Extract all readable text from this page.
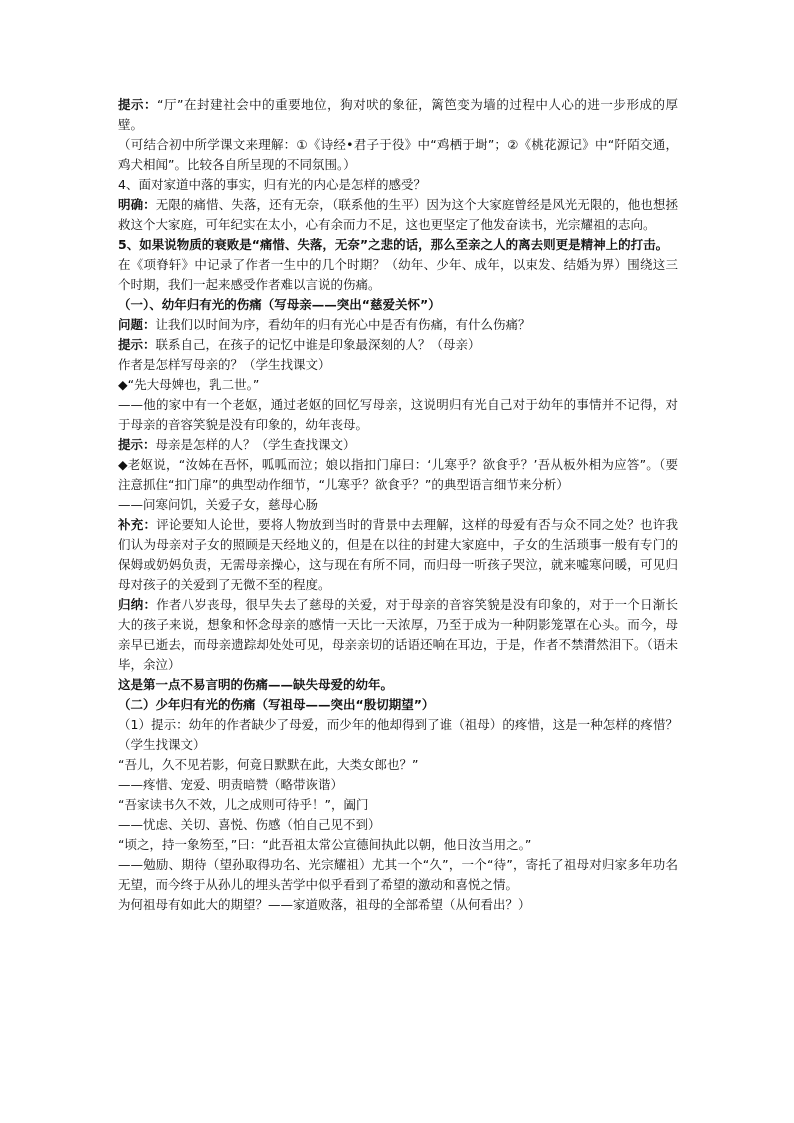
提示：“厅”在封建社会中的重要地位，狗对吠的象征，篱笆变为墙的过程中人心的进一步形成的厚壁。

（可结合初中所学课文来理解：①《诗经•君子于役》中“鸡栖于埘”；②《桃花源记》中“阡陌交通，鸡犬相闻”。比较各自所呈现的不同氛围。）

4、面对家道中落的事实，归有光的内心是怎样的感受？

明确：无限的痛惜、失落，还有无奈，（联系他的生平）因为这个大家庭曾经是风光无限的，他也想拯救这个大家庭，可年纪实在太小，心有余而力不足，这也更坚定了他发奋读书，光宗耀祖的志向。

5、如果说物质的衰败是“痛惜、失落，无奈”之悲的话，那么至亲之人的离去则更是精神上的打击。

在《项脊轩》中记录了作者一生中的几个时期？（幼年、少年、成年，以束发、结婚为界）围绕这三个时期，我们一起来感受作者难以言说的伤痛。

（一）、幼年归有光的伤痛（写母亲——突出“慈爱关怀”）

问题：让我们以时间为序，看幼年的归有光心中是否有伤痛，有什么伤痛？

提示：联系自己，在孩子的记忆中谁是印象最深刻的人？（母亲）

作者是怎样写母亲的？（学生找课文）

◆“先大母婢也，乳二世。”

——他的家中有一个老妪，通过老妪的回忆写母亲，这说明归有光自己对于幼年的事情并不记得，对于母亲的音容笑貌是没有印象的，幼年丧母。

提示：母亲是怎样的人？（学生查找课文）

◆老妪说，“汝姊在吾怀，呱呱而泣；娘以指扣门扉曰：‘儿寒乎？欲食乎？’吾从板外相为应答”。（要注意抓住“扣门扉”的典型动作细节，“儿寒乎？欲食乎？”的典型语言细节来分析）

——问寒问饥，关爱子女，慈母心肠

补充：评论要知人论世，要将人物放到当时的背景中去理解，这样的母爱有否与众不同之处？也许我们认为母亲对子女的照顾是天经地义的，但是在以往的封建大家庭中，子女的生活琐事一般有专门的保姆或奶妈负责，无需母亲操心，这与现在有所不同，而归母一听孩子哭泣，就来嘘寒问暖，可见归母对孩子的关爱到了无微不至的程度。

归纳：作者八岁丧母，很早失去了慈母的关爱，对于母亲的音容笑貌是没有印象的，对于一个日渐长大的孩子来说，想象和怀念母亲的感情一天比一天浓厚，乃至于成为一种阴影笼罩在心头。而今，母亲早已逝去，而母亲遗踪却处处可见，母亲亲切的话语还响在耳边，于是，作者不禁潸然泪下。（语未毕，余泣）

这是第一点不易言明的伤痛——缺失母爱的幼年。

（二）少年归有光的伤痛（写祖母——突出“殷切期望”）

（1）提示：幼年的作者缺少了母爱，而少年的他却得到了谁（祖母）的疼惜，这是一种怎样的疼惜？（学生找课文）

“吾儿，久不见若影，何竟日默默在此，大类女郎也？”

——疼惜、宠爱、明责暗赞（略带诙谐）

“吾家读书久不效，儿之成则可待乎！”，阖门

——忧虑、关切、喜悦、伤感（怕自己见不到）

“顷之，持一象笏至，”曰：“此吾祖太常公宣德间执此以朝，他日汝当用之。”

——勉励、期待（望孙取得功名、光宗耀祖）尤其一个“久”，一个“待”，寄托了祖母对归家多年功名无望，而今终于从孙儿的埋头苦学中似乎看到了希望的激动和喜悦之情。

为何祖母有如此大的期望？——家道败落，祖母的全部希望（从何看出？）
